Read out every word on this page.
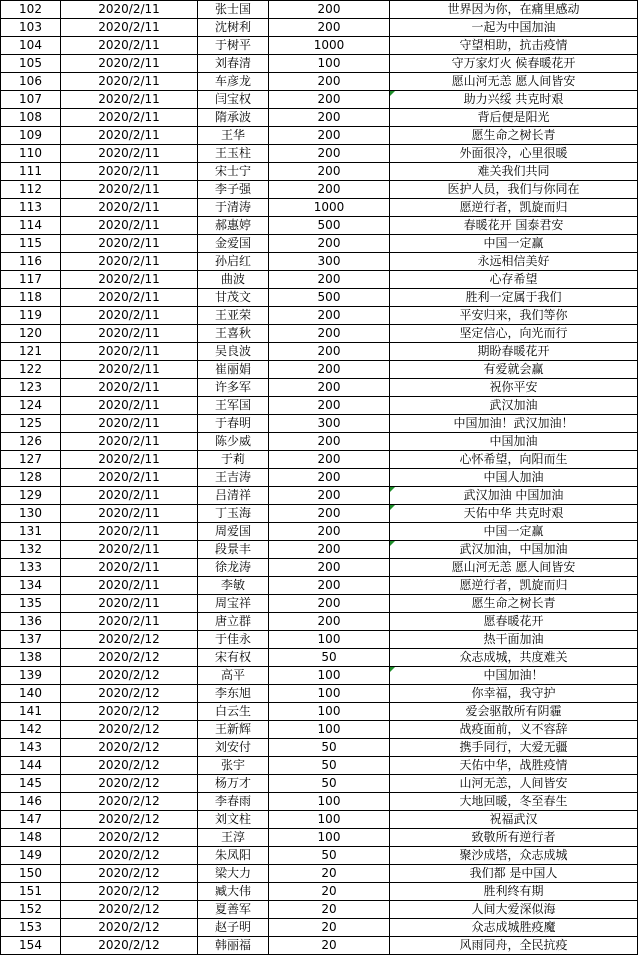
102	2020/2/11	张士国	200	世界因为你，在痛里感动
103	2020/2/11	沈树利	200	一起为中国加油
104	2020/2/11	于树平	1000	守望相助，抗击疫情
105	2020/2/11	刘春清	100	守万家灯火 候春暖花开
106	2020/2/11	车彦龙	200	愿山河无恙 愿人间皆安
107	2020/2/11	闫宝权	200	助力兴绥 共克时艰
108	2020/2/11	隋承波	200	背后便是阳光
109	2020/2/11	王华	200	愿生命之树长青
110	2020/2/11	王玉柱	200	外面很冷，心里很暖
111	2020/2/11	宋士宁	200	难关我们共同
112	2020/2/11	李子强	200	医护人员，我们与你同在
113	2020/2/11	于清涛	1000	愿逆行者，凯旋而归
114	2020/2/11	郝惠婷	500	春暖花开 国泰君安
115	2020/2/11	金爱国	200	中国一定赢
116	2020/2/11	孙启红	300	永远相信美好
117	2020/2/11	曲波	200	心存希望
118	2020/2/11	甘茂文	500	胜利一定属于我们
119	2020/2/11	王亚荣	200	平安归来，我们等你
120	2020/2/11	王喜秋	200	坚定信心，向光而行
121	2020/2/11	吴良波	200	期盼春暖花开
122	2020/2/11	崔丽娟	200	有爱就会赢
123	2020/2/11	许多军	200	祝你平安
124	2020/2/11	王军国	200	武汉加油
125	2020/2/11	于春明	300	中国加油！武汉加油！
126	2020/2/11	陈少威	200	中国加油
127	2020/2/11	于莉	200	心怀希望，向阳而生
128	2020/2/11	王吉涛	200	中国人加油
129	2020/2/11	吕清祥	200	武汉加油 中国加油
130	2020/2/11	丁玉海	200	天佑中华 共克时艰
131	2020/2/11	周爱国	200	中国一定赢
132	2020/2/11	段景丰	200	武汉加油，中国加油
133	2020/2/11	徐龙涛	200	愿山河无恙 愿人间皆安
134	2020/2/11	李敏	200	愿逆行者，凯旋而归
135	2020/2/11	周宝祥	200	愿生命之树长青
136	2020/2/11	唐立群	200	愿春暖花开
137	2020/2/12	于佳永	100	热干面加油
138	2020/2/12	宋有权	50	众志成城，共度难关
139	2020/2/12	高平	100	中国加油！
140	2020/2/12	李东旭	100	你幸福，我守护
141	2020/2/12	白云生	100	爱会驱散所有阴霾
142	2020/2/12	王新辉	100	战疫面前，义不容辞
143	2020/2/12	刘安付	50	携手同行，大爱无疆
144	2020/2/12	张宇	50	天佑中华，战胜疫情
145	2020/2/12	杨万才	50	山河无恙，人间皆安
146	2020/2/12	李春雨	100	大地回暖，冬至春生
147	2020/2/12	刘文柱	100	祝福武汉
148	2020/2/12	王淳	100	致敬所有逆行者
149	2020/2/12	朱凤阳	50	聚沙成塔，众志成城
150	2020/2/12	梁大力	20	我们都 是中国人
151	2020/2/12	臧大伟	20	胜利终有期
152	2020/2/12	夏善军	20	人间大爱深似海
153	2020/2/12	赵子明	20	众志成城胜疫魔
154	2020/2/12	韩丽福	20	风雨同舟，全民抗疫
